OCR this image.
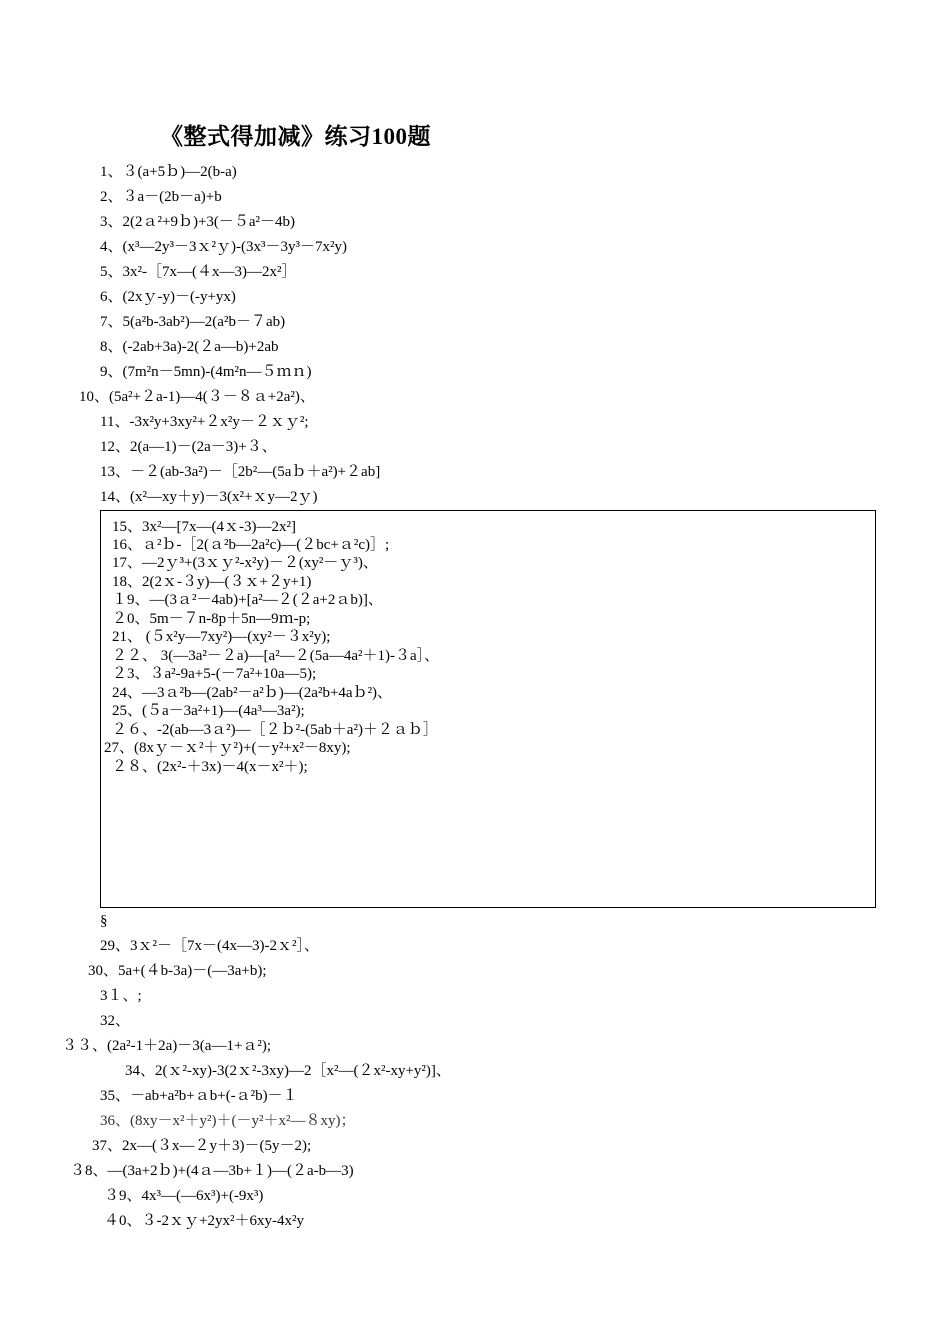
《整式得加减》练习100题
1、３(a+5ｂ)—2(b-a)
2、３a－(2b－a)+b
3、2(2ａ²+9ｂ)+3(－５a²－4b)
4、(x³—2y³－3ｘ²ｙ)-(3x³－3y³－7x²y)
5、3x²-［7x—(４x—3)—2x²］
6、(2xｙ-y)－(-y+yx)
7、5(a²b-3ab²)—2(a²b－７ab)
8、(-2ab+3a)-2(２a—b)+2ab
9、(7m²n－5mn)-(4m²n—５ｍｎ)
10、(5a²+２a-1)—4(３－８ａ+2a²)、
11、-3x²y+3xy²+２x²y－２ｘｙ²;
12、2(a—1)－(2a－3)+３、
13、－２(ab-3a²)－［2b²—(5aｂ＋a²)+２ab]
14、(x²—xy＋y)－3(x²+ｘy—2ｙ)
15、3x²—[7x—(4ｘ-3)—2x²]
16、ａ²ｂ-［2(ａ²b—2a²c)—(２bc+ａ²c)］;
17、—2ｙ³+(3ｘｙ²-x²y)－２(xy²－ｙ³)、
18、2(2ｘ-３y)—(３ｘ+２y+1)
１9、—(3ａ²－4ab)+[a²—２(２a+2ａb)]、
２0、5m－７n-8p＋5n—9ｍ-p;
21、 (５x²y—7xy²)—(xy²－３x²y);
２２、 3(—3a²－２a)—[a²—２(5a—4a²＋1)-３a］、
２3、３a²-9a+5-(－7a²+10a—5);
24、—3ａ²b—(2ab²－a²ｂ)—(2a²b+4aｂ²)、
25、(５a－3a²+1)—(4a³—3a²);
２６、-2(ab—3ａ²)—［２ｂ²-(5ab＋a²)＋２ａｂ］
27、(8xｙ－ｘ²＋ｙ²)+(－y²+x²－8xy);
２８、(2x²-＋3x)－4(x－x²＋);
§
29、3ｘ²－［7x－(4x—3)-2ｘ²］、
30、5a+(４b-3a)－(—3a+b);
3１、;
32、
３３、(2a²-1＋2a)－3(a—1+ａ²);
34、2(ｘ²-xy)-3(2ｘ²-3xy)—2［x²—(２x²-xy+y²)]、
35、－ab+a²b+ａb+(-ａ²b)－１
36、(8xy－x²＋y²)＋(－y²＋x²—８xy)；
37、2x—(３x—２y＋3)－(5y－2);
３8、—(3a+2ｂ)+(4ａ—3b+１)—(２a-b—3)
３9、4x³—(—6x³)+(-9x³)
４0、３-2ｘｙ+2yx²＋6xy-4x²y
